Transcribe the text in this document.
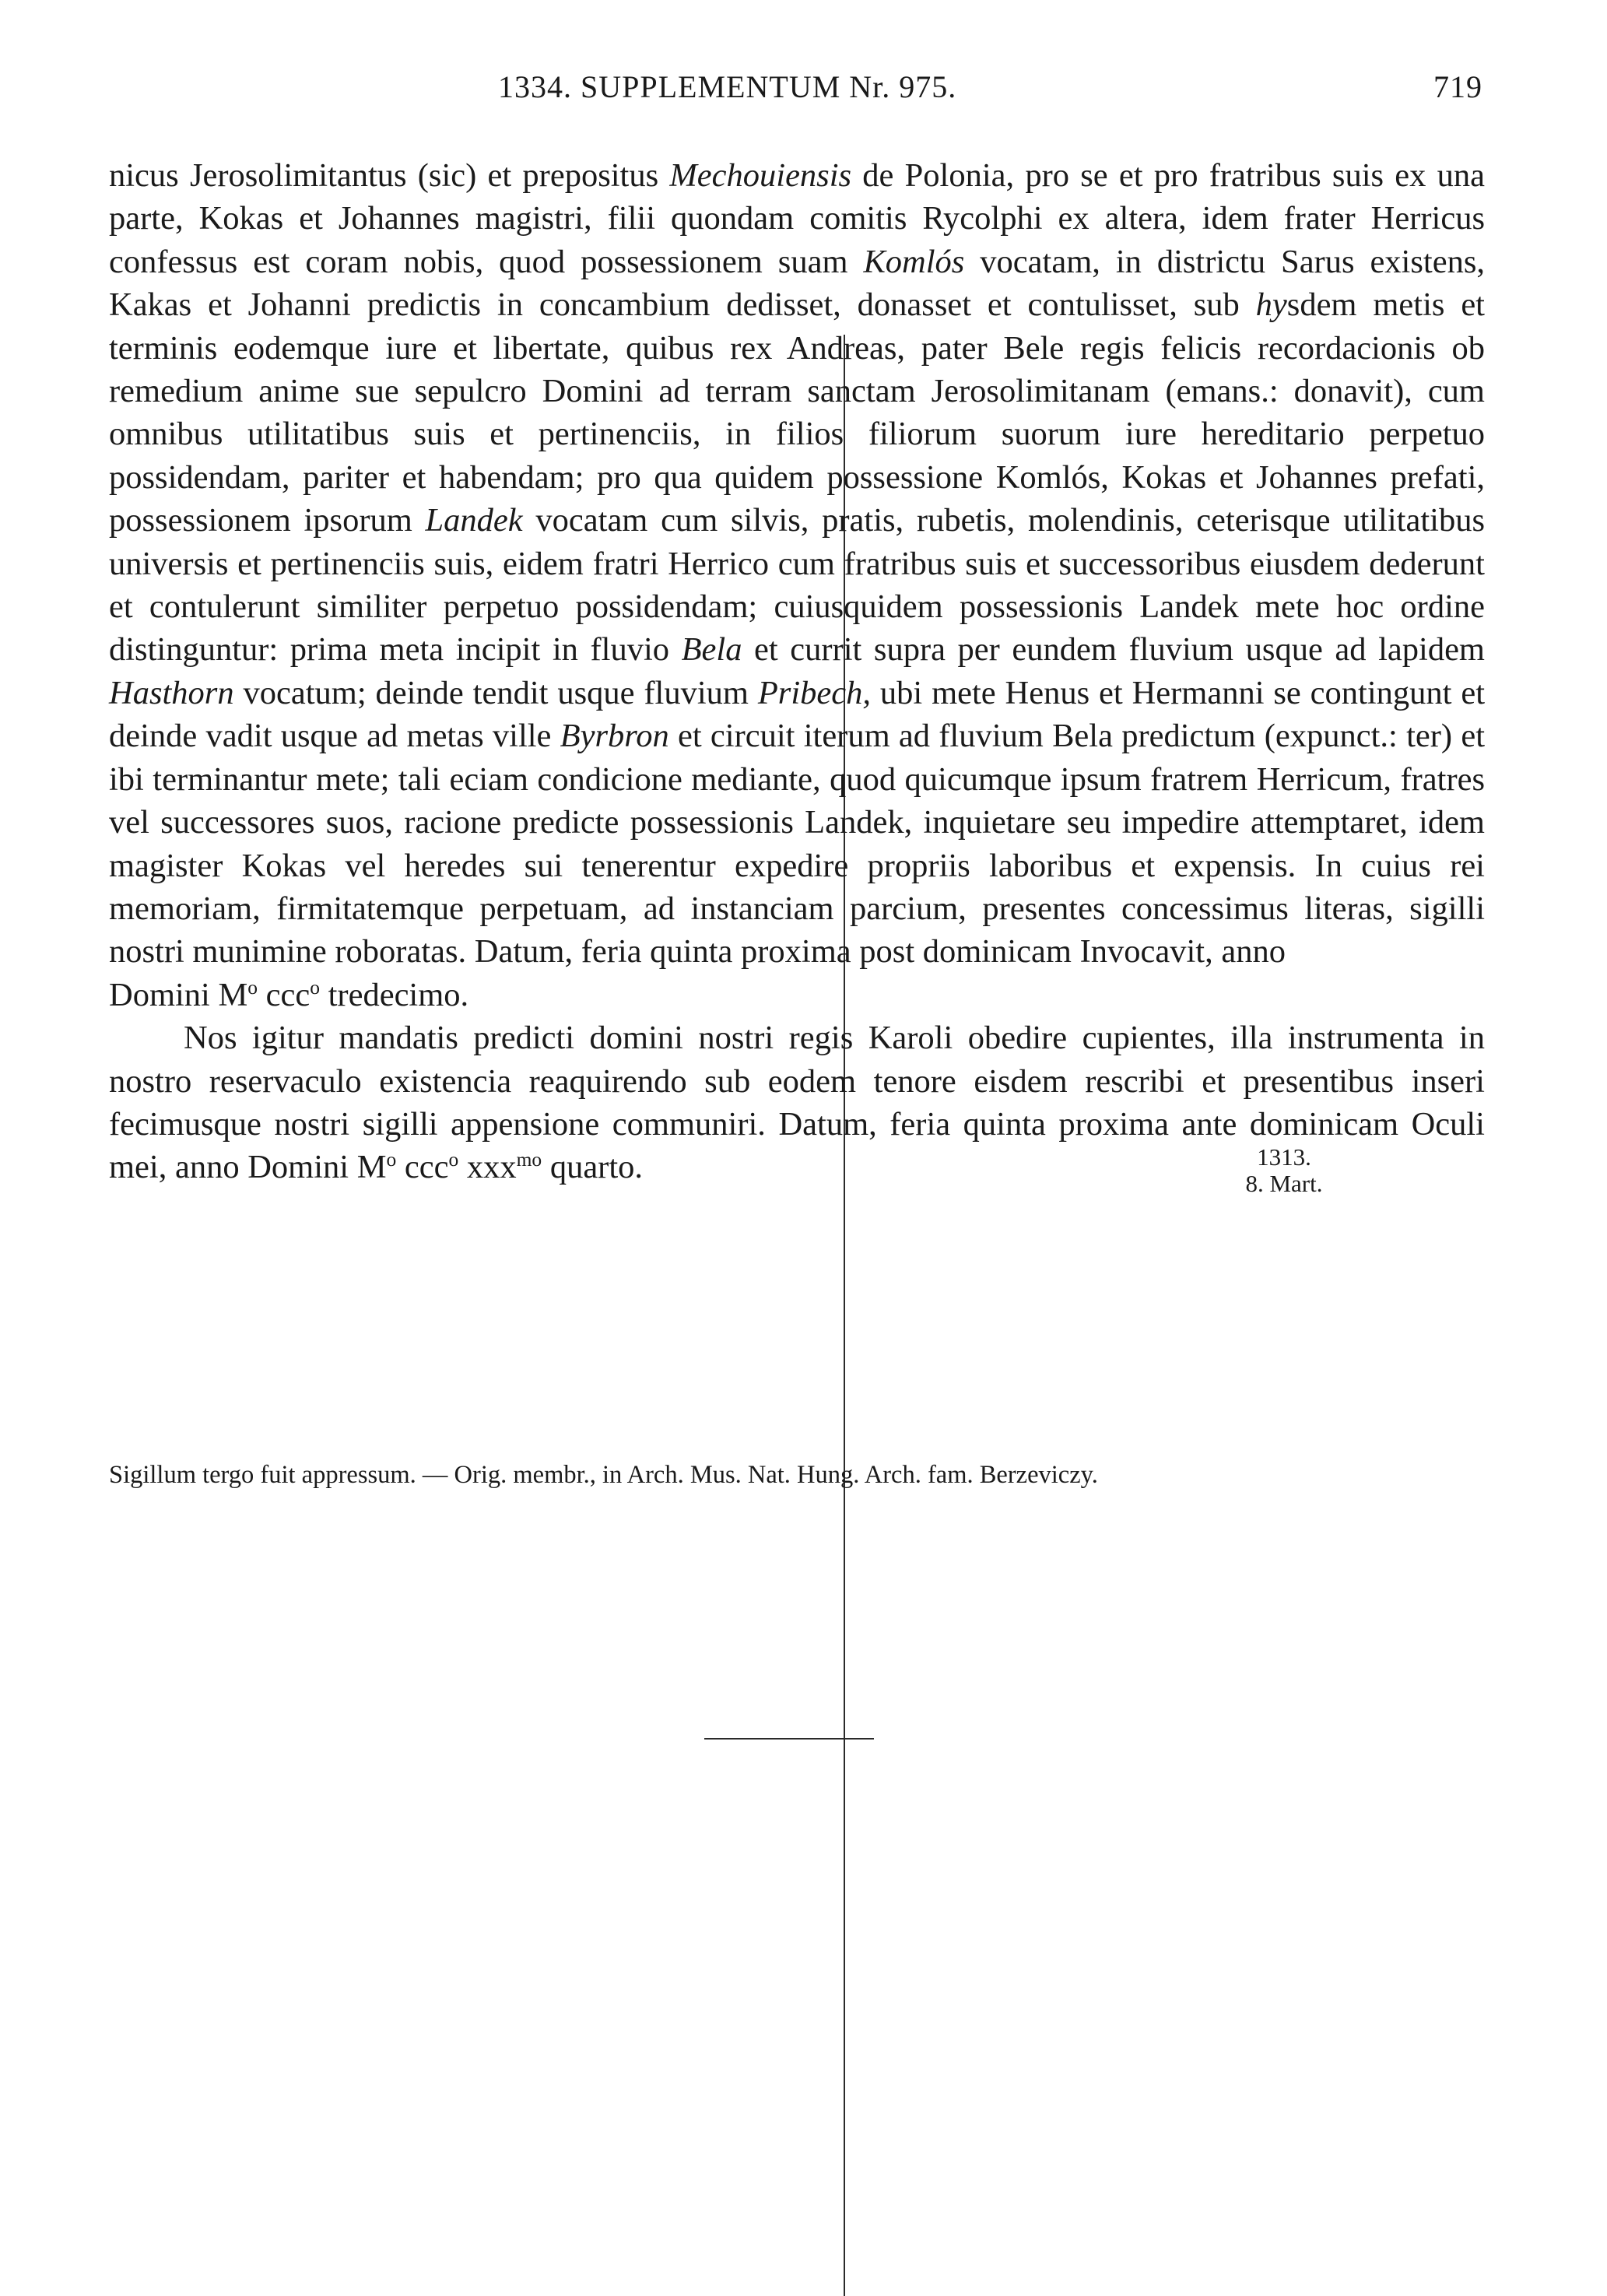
1334. SUPPLEMENTUM Nr. 975.	719

nicus Jerosolimitantus (sic) et prepositus Mechouiensis de Polonia, pro se et pro fratribus suis ex una parte, Kokas et Johannes magistri, filii quondam comitis Rycolphi ex altera, idem frater Herricus confessus est coram nobis, quod possessionem suam Komlós vocatam, in districtu Sarus existens, Kakas et Johanni predictis in concambium dedisset, donasset et contulisset, sub hysdem metis et terminis eodemque iure et libertate, quibus rex Andreas, pater Bele regis felicis recordacionis ob remedium anime sue sepulcro Domini ad terram sanctam Jerosolimitanam (emans.: donavit), cum omnibus utilitatibus suis et pertinenciis, in filios filiorum suorum iure hereditario perpetuo possidendam, pariter et habendam; pro qua quidem possessione Komlós, Kokas et Johannes prefati, possessionem ipsorum Landek vocatam cum silvis, pratis, rubetis, molendinis, ceterisque utilitatibus universis et pertinenciis suis, eidem fratri Herrico cum fratribus suis et successoribus eiusdem dederunt et contulerunt similiter perpetuo possidendam; cuiusquidem possessionis Landek mete hoc ordine distinguntur: prima meta incipit in fluvio Bela et currit supra per eundem fluvium usque ad lapidem Hasthorn vocatum; deinde tendit usque fluvium Pribech, ubi mete Henus et Hermanni se contingunt et deinde vadit usque ad metas ville Byrbron et circuit iterum ad fluvium Bela predictum (expunct.: ter) et ibi terminantur mete; tali eciam condicione mediante, quod quicumque ipsum fratrem Herricum, fratres vel successores suos, racione predicte possessionis Landek, inquietare seu impedire attemptaret, idem magister Kokas vel heredes sui tenerentur expedire propriis laboribus et expensis. In cuius rei memoriam, firmitatemque perpetuam, ad instanciam parcium, presentes concessimus literas, sigilli nostri munimine roboratas. Datum, feria quinta proxima post dominicam Invocavit, anno
Domini $M^o$ ccc$^o$ tredecimo.

Nos igitur mandatis predicti domini nostri regis Karoli obedire cupientes, illa instrumenta in nostro reservaculo existencia reaquirendo sub eodem tenore eisdem rescribi et presentibus inseri fecimusque nostri sigilli appensione communiri. Datum, feria quinta proxima ante dominicam Oculi mei, anno Domini $M^o$ ccc$^o$ xxx$^{mo}$ quarto.	1313.
8. Mart.

Sigillum tergo fuit appressum. — Orig. membr., in Arch. Mus. Nat. Hung. Arch. fam. Berzeviczy.
